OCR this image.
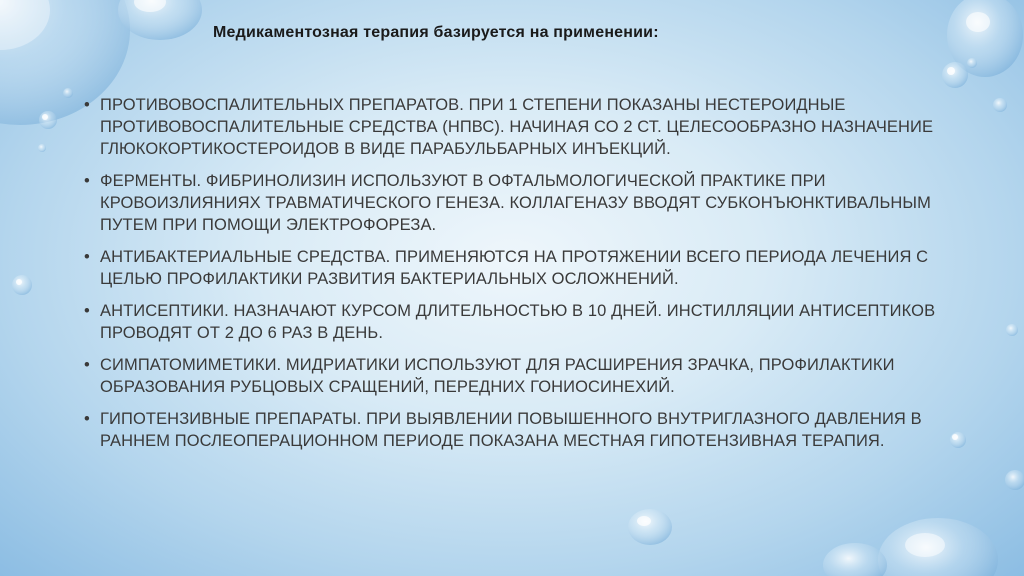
Медикаментозная терапия базируется на применении:
• ПРОТИВОВОСПАЛИТЕЛЬНЫХ ПРЕПАРАТОВ. ПРИ 1 СТЕПЕНИ ПОКАЗАНЫ НЕСТЕРОИДНЫЕ ПРОТИВОВОСПАЛИТЕЛЬНЫЕ СРЕДСТВА (НПВС). НАЧИНАЯ СО 2 СТ. ЦЕЛЕСООБРАЗНО НАЗНАЧЕНИЕ ГЛЮКОКОРТИКОСТЕРОИДОВ В ВИДЕ ПАРАБУЛЬБАРНЫХ ИНЪЕКЦИЙ.
• ФЕРМЕНТЫ. ФИБРИНОЛИЗИН ИСПОЛЬЗУЮТ В ОФТАЛЬМОЛОГИЧЕСКОЙ ПРАКТИКЕ ПРИ КРОВОИЗЛИЯНИЯХ ТРАВМАТИЧЕСКОГО ГЕНЕЗА. КОЛЛАГЕНАЗУ ВВОДЯТ СУБКОНЪЮНКТИВАЛЬНЫМ ПУТЕМ ПРИ ПОМОЩИ ЭЛЕКТРОФОРЕЗА.
• АНТИБАКТЕРИАЛЬНЫЕ СРЕДСТВА. ПРИМЕНЯЮТСЯ НА ПРОТЯЖЕНИИ ВСЕГО ПЕРИОДА ЛЕЧЕНИЯ С ЦЕЛЬЮ ПРОФИЛАКТИКИ РАЗВИТИЯ БАКТЕРИАЛЬНЫХ ОСЛОЖНЕНИЙ.
• АНТИСЕПТИКИ. НАЗНАЧАЮТ КУРСОМ ДЛИТЕЛЬНОСТЬЮ В 10 ДНЕЙ. ИНСТИЛЛЯЦИИ АНТИСЕПТИКОВ ПРОВОДЯТ ОТ 2 ДО 6 РАЗ В ДЕНЬ.
• СИМПАТОМИМЕТИКИ. МИДРИАТИКИ ИСПОЛЬЗУЮТ ДЛЯ РАСШИРЕНИЯ ЗРАЧКА, ПРОФИЛАКТИКИ ОБРАЗОВАНИЯ РУБЦОВЫХ СРАЩЕНИЙ, ПЕРЕДНИХ ГОНИОСИНЕХИЙ.
• ГИПОТЕНЗИВНЫЕ ПРЕПАРАТЫ. ПРИ ВЫЯВЛЕНИИ ПОВЫШЕННОГО ВНУТРИГЛАЗНОГО ДАВЛЕНИЯ В РАННЕМ ПОСЛЕОПЕРАЦИОННОМ ПЕРИОДЕ ПОКАЗАНА МЕСТНАЯ ГИПОТЕНЗИВНАЯ ТЕРАПИЯ.
